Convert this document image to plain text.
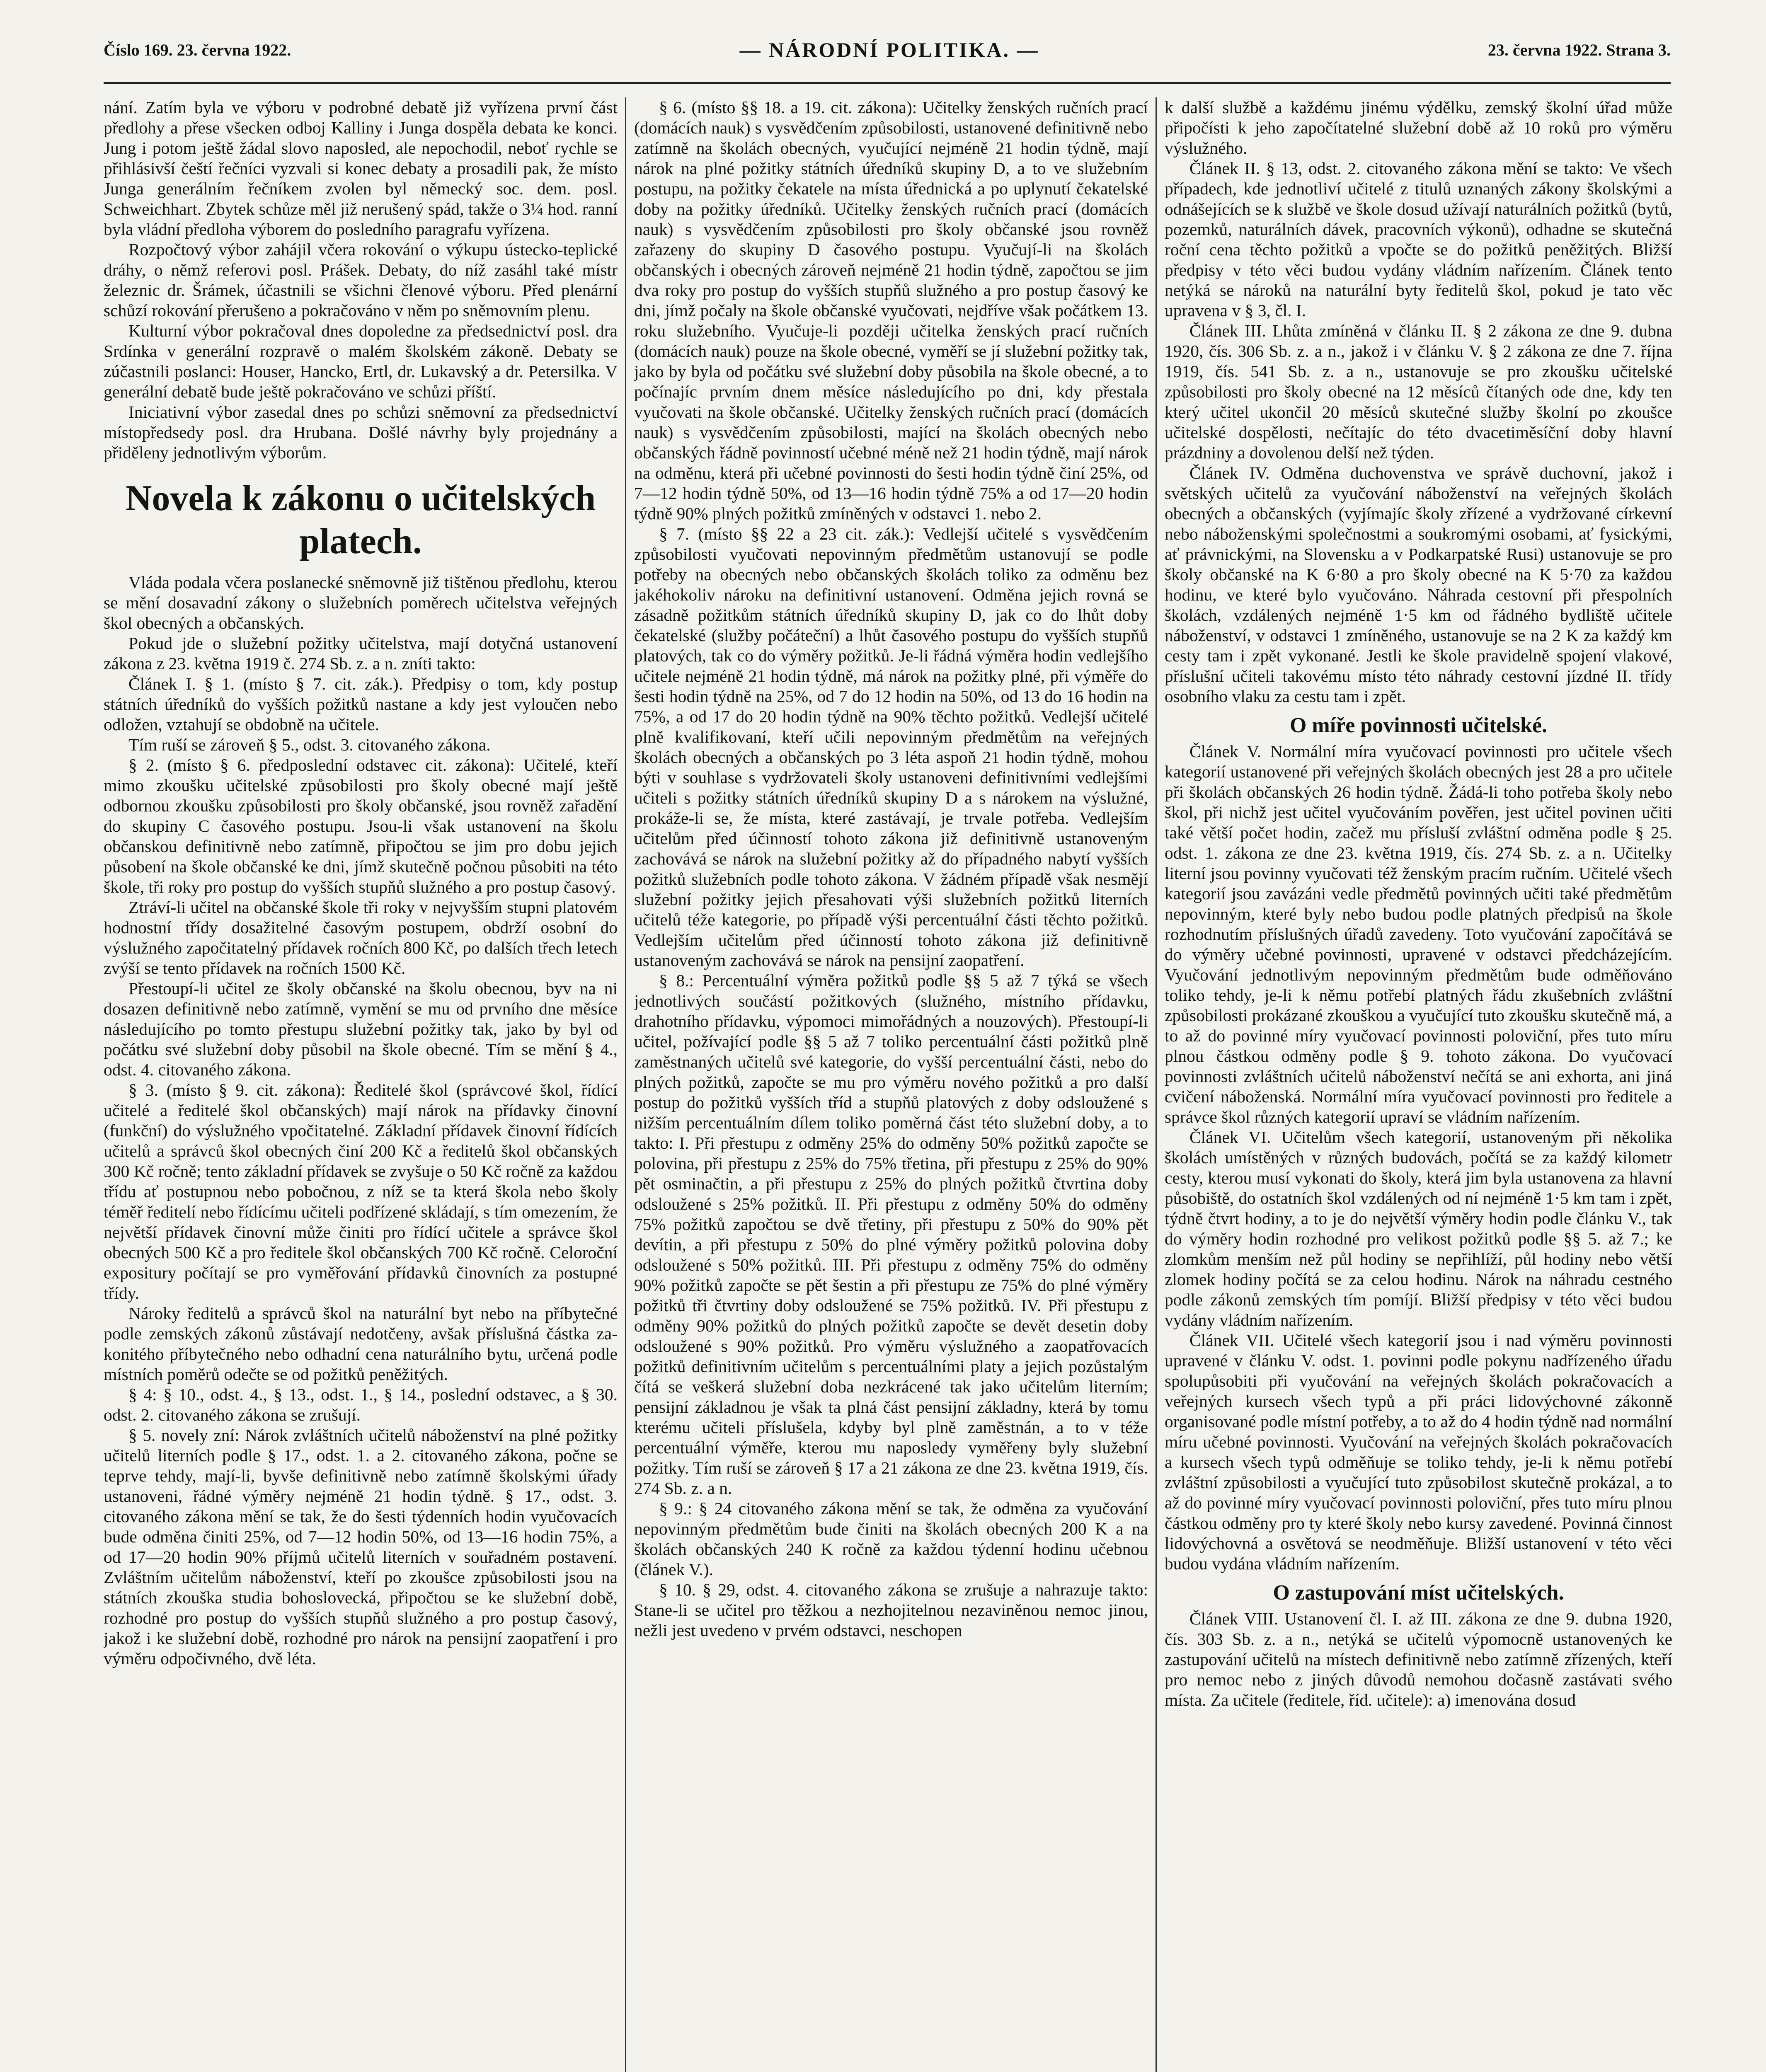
Číslo 169. 23. června 1922.	— NÁRODNÍ POLITIKA. —	23. června 1922. Strana 3.

nání. Zatím byla ve výboru v podrobné debatě již vyřízena první část předlohy a přese všecken odboj Kalliny i Junga dospěla debata ke konci. Jung i potom ještě žádal slovo naposled, ale nepochodil, neboť rychle se přihlásivší čeští řečníci vyzvali si konec debaty a prosadili pak, že místo Junga generálním řečníkem zvolen byl německý soc. dem. posl. Schweichhart. Zbytek schůze měl již nerušený spád, takže o 3¼ hod. ranní byla vládní předloha výborem do posledního paragrafu vyřízena.

Rozpočtový výbor zahájil včera rokování o výkupu ústecko-teplické dráhy, o němž referovi posl. Prášek. Debaty, do níž zasáhl také místr železnic dr. Šrámek, účastnili se všichni členové výboru. Před plenární schůzí rokování přerušeno a pokračováno v něm po sněmovním plenu.

Kulturní výbor pokračoval dnes dopoledne za předsednictví posl. dra Srdínka v generální rozpravě o malém školském zákoně. Debaty se zúčastnili poslanci: Houser, Hancko, Ertl, dr. Lukavský a dr. Petersilka. V generální debatě bude ještě pokračováno ve schůzi příští.

Iniciativní výbor zasedal dnes po schůzi sněmovní za předsednictví místopředsedy posl. dra Hrubana. Došlé návrhy byly projednány a přiděleny jednotlivým výborům.

Novela k zákonu o učitelských platech.

Vláda podala včera poslanecké sněmovně již tištěnou předlohu, kterou se mění dosavadní zákony o služebních poměrech učitelstva veřejných škol obecných a občanských.

Pokud jde o služební požitky učitelstva, mají dotyčná ustanovení zákona z 23. května 1919 č. 274 Sb. z. a n. zníti takto:

Článek I. § 1. (místo § 7. cit. zák.). Předpisy o tom, kdy postup státních úředníků do vyšších požitků nastane a kdy jest vyloučen nebo odložen, vztahují se obdobně na učitele.

Tím ruší se zároveň § 5., odst. 3. citovaného zákona.

§ 2. (místo § 6. předposlední odstavec cit. zákona): Učitelé, kteří mimo zkoušku učitelské způsobilosti pro školy obecné mají ještě odbornou zkoušku způsobilosti pro školy občanské, jsou rovněž zařadění do skupiny C časového postupu. Jsou-li však ustanovení na školu občanskou definitivně nebo zatímně, připočtou se jim pro dobu jejich působení na škole občanské ke dni, jímž skutečně počnou působiti na této škole, tři roky pro postup do vyšších stupňů služného a pro postup časový.

Ztráví-li učitel na občanské škole tři roky v nejvyšším stupni platovém hodnostní třídy dosažitelné časovým postupem, obdrží osobní do výslužného započitatelný přídavek ročních 800 Kč, po dalších třech letech zvýší se tento přídavek na ročních 1500 Kč.

Přestoupí-li učitel ze školy občanské na školu obecnou, byv na ni dosazen definitivně nebo zatímně, vymění se mu od prvního dne měsíce následujícího po tomto přestupu služební požitky tak, jako by byl od počátku své služební doby působil na škole obecné. Tím se mění § 4., odst. 4. citovaného zákona.

§ 3. (místo § 9. cit. zákona): Ředitelé škol (správcové škol, řídící učitelé a ředitelé škol občanských) mají nárok na přídavky činovní (funkční) do výslužného vpočitatelné. Základní přídavek činovní řídících učitelů a správců škol obecných činí 200 Kč a ředitelů škol občanských 300 Kč ročně; tento základní přídavek se zvyšuje o 50 Kč ročně za každou třídu ať postupnou nebo pobočnou, z níž se ta která škola nebo školy téměř ředitelí nebo řídícímu učiteli podřízené skládají, s tím omezením, že největší přídavek činovní může činiti pro řídící učitele a správce škol obecných 500 Kč a pro ředitele škol občanských 700 Kč ročně. Celoroční expositury počítají se pro vyměřování přídavků činovních za postupné třídy.

Nároky ředitelů a správců škol na naturální byt nebo na příbytečné podle zemských zákonů zůstávají nedotčeny, avšak příslušná částka za-konitého příbytečného nebo odhadní cena naturálního bytu, určená podle místních poměrů odečte se od požitků peněžitých.

§ 4: § 10., odst. 4., § 13., odst. 1., § 14., poslední odstavec, a § 30. odst. 2. citovaného zákona se zrušují.

§ 5. novely zní: Nárok zvláštních učitelů náboženství na plné požitky učitelů literních podle § 17., odst. 1. a 2. citovaného zákona, počne se teprve tehdy, mají-li, byvše definitivně nebo zatímně školskými úřady ustanoveni, řádné výměry nejméně 21 hodin týdně. § 17., odst. 3. citovaného zákona mění se tak, že do šesti týdenních hodin vyučovacích bude odměna činiti 25%, od 7—12 hodin 50%, od 13—16 hodin 75%, a od 17—20 hodin 90% příjmů učitelů literních v souřadném postavení. Zvláštním učitelům náboženství, kteří po zkoušce způsobilosti jsou na státních zkouška studia bohoslovecká, připočtou se ke služební době, rozhodné pro postup do vyšších stupňů služného a pro postup časový, jakož i ke služební době, rozhodné pro nárok na pensijní zaopatření i pro výměru odpočivného, dvě léta.

§ 6. (místo §§ 18. a 19. cit. zákona): Učitelky ženských ručních prací (domácích nauk) s vysvědčením způsobilosti, ustanovené definitivně nebo zatímně na školách obecných, vyučující nejméně 21 hodin týdně, mají nárok na plné požitky státních úředníků skupiny D, a to ve služebním postupu, na požitky čekatele na místa úřednická a po uplynutí čekatelské doby na požitky úředníků. Učitelky ženských ručních prací (domácích nauk) s vysvědčením způsobilosti pro školy občanské jsou rovněž zařazeny do skupiny D časového postupu. Vyučují-li na školách občanských i obecných zároveň nejméně 21 hodin týdně, započtou se jim dva roky pro postup do vyšších stupňů služného a pro postup časový ke dni, jímž počaly na škole občanské vyučovati, nejdříve však počátkem 13. roku služebního. Vyučuje-li později učitelka ženských prací ručních (domácích nauk) pouze na škole obecné, vyměří se jí služební požitky tak, jako by byla od počátku své služební doby působila na škole obecné, a to počínajíc prvním dnem měsíce následujícího po dni, kdy přestala vyučovati na škole občanské. Učitelky ženských ručních prací (domácích nauk) s vysvědčením způsobilosti, mající na školách obecných nebo občanských řádně povinností učebné méně než 21 hodin týdně, mají nárok na odměnu, která při učebné povinnosti do šesti hodin týdně činí 25%, od 7—12 hodin týdně 50%, od 13—16 hodin týdně 75% a od 17—20 hodin týdně 90% plných požitků zmíněných v odstavci 1. nebo 2.

§ 7. (místo §§ 22 a 23 cit. zák.): Vedlejší učitelé s vysvědčením způsobilosti vyučovati nepovinným předmětům ustanovují se podle potřeby na obecných nebo občanských školách toliko za odměnu bez jakéhokoliv nároku na definitivní ustanovení. Odměna jejich rovná se zásadně požitkům státních úředníků skupiny D, jak co do lhůt doby čekatelské (služby počáteční) a lhůt časového postupu do vyšších stupňů platových, tak co do výměry požitků. Je-li řádná výměra hodin vedlejšího učitele nejméně 21 hodin týdně, má nárok na požitky plné, při výměře do šesti hodin týdně na 25%, od 7 do 12 hodin na 50%, od 13 do 16 hodin na 75%, a od 17 do 20 hodin týdně na 90% těchto požitků. Vedlejší učitelé plně kvalifikovaní, kteří učili nepovinným předmětům na veřejných školách obecných a občanských po 3 léta aspoň 21 hodin týdně, mohou býti v souhlase s vydržovateli školy ustanoveni definitivními vedlejšími učiteli s požitky státních úředníků skupiny D a s nárokem na výslužné, prokáže-li se, že místa, které zastávají, je trvale potřeba. Vedlejším učitelům před účinností tohoto zákona již definitivně ustanoveným zachovává se nárok na služební požitky až do případného nabytí vyšších požitků služebních podle tohoto zákona. V žádném případě však nesmějí služební požitky jejich přesahovati výši služebních požitků literních učitelů téže kategorie, po případě výši percentuální části těchto požitků. Vedlejším učitelům před účinností tohoto zákona již definitivně ustanoveným zachovává se nárok na pensijní zaopatření.

§ 8.: Percentuální výměra požitků podle §§ 5 až 7 týká se všech jednotlivých součástí požitkových (služného, místního přídavku, drahotního přídavku, výpomoci mimořádných a nouzových). Přestoupí-li učitel, požívající podle §§ 5 až 7 toliko percentuální části požitků plně zaměstnaných učitelů své kategorie, do vyšší percentuální části, nebo do plných požitků, započte se mu pro výměru nového požitků a pro další postup do požitků vyšších tříd a stupňů platových z doby odsloužené s nižším percentuálním dílem toliko poměrná část této služební doby, a to takto: I. Při přestupu z odměny 25% do odměny 50% požitků započte se polovina, při přestupu z 25% do 75% třetina, při přestupu z 25% do 90% pět osminačtin, a při přestupu z 25% do plných požitků čtvrtina doby odsloužené s 25% požitků. II. Při přestupu z odměny 50% do odměny 75% požitků započtou se dvě třetiny, při přestupu z 50% do 90% pět devítin, a při přestupu z 50% do plné výměry požitků polovina doby odsloužené s 50% požitků. III. Při přestupu z odměny 75% do odměny 90% požitků započte se pět šestin a při přestupu ze 75% do plné výměry požitků tři čtvrtiny doby odsloužené se 75% požitků. IV. Při přestupu z odměny 90% požitků do plných požitků započte se devět desetin doby odsloužené s 90% požitků. Pro výměru výslužného a zaopatřovacích požitků definitivním učitelům s percentuálními platy a jejich pozůstalým čítá se veškerá služební doba nezkrácené tak jako učitelům literním; pensijní základnou je však ta plná část pensijní základny, která by tomu kterému učiteli příslušela, kdyby byl plně zaměstnán, a to v téže percentuální výměře, kterou mu naposledy vyměřeny byly služební požitky. Tím ruší se zároveň § 17 a 21 zákona ze dne 23. května 1919, čís. 274 Sb. z. a n.

§ 9.: § 24 citovaného zákona mění se tak, že odměna za vyučování nepovinným předmětům bude činiti na školách obecných 200 K a na školách občanských 240 K ročně za každou týdenní hodinu učebnou (článek V.).

§ 10. § 29, odst. 4. citovaného zákona se zrušuje a nahrazuje takto: Stane-li se učitel pro těžkou a nezhojitelnou nezaviněnou nemoc jinou, nežli jest uvedeno v prvém odstavci, neschopen

k další službě a každému jinému výdělku, zemský školní úřad může připočísti k jeho započítatelné služební době až 10 roků pro výměru výslužného.

Článek II. § 13, odst. 2. citovaného zákona mění se takto: Ve všech případech, kde jednotliví učitelé z titulů uznaných zákony školskými a odnášejících se k službě ve škole dosud užívají naturálních požitků (bytů, pozemků, naturálních dávek, pracovních výkonů), odhadne se skutečná roční cena těchto požitků a vpočte se do požitků peněžitých. Bližší předpisy v této věci budou vydány vládním nařízením. Článek tento netýká se nároků na naturální byty ředitelů škol, pokud je tato věc upravena v § 3, čl. I.

Článek III. Lhůta zmíněná v článku II. § 2 zákona ze dne 9. dubna 1920, čís. 306 Sb. z. a n., jakož i v článku V. § 2 zákona ze dne 7. října 1919, čís. 541 Sb. z. a n., ustanovuje se pro zkoušku učitelské způsobilosti pro školy obecné na 12 měsíců čítaných ode dne, kdy ten který učitel ukončil 20 měsíců skutečné služby školní po zkoušce učitelské dospělosti, nečítajíc do této dvacetiměsíční doby hlavní prázdniny a dovolenou delší než týden.

Článek IV. Odměna duchovenstva ve správě duchovní, jakož i světských učitelů za vyučování náboženství na veřejných školách obecných a občanských (vyjímajíc školy zřízené a vydržované církevní nebo náboženskými společnostmi a soukromými osobami, ať fysickými, ať právnickými, na Slovensku a v Podkarpatské Rusi) ustanovuje se pro školy občanské na K 6·80 a pro školy obecné na K 5·70 za každou hodinu, ve které bylo vyučováno. Náhrada cestovní při přespolních školách, vzdálených nejméně 1·5 km od řádného bydliště učitele náboženství, v odstavci 1 zmíněného, ustanovuje se na 2 K za každý km cesty tam i zpět vykonané. Jestli ke škole pravidelně spojení vlakové, příslušní učiteli takovému místo této náhrady cestovní jízdné II. třídy osobního vlaku za cestu tam i zpět.

O míře povinnosti učitelské.

Článek V. Normální míra vyučovací povinnosti pro učitele všech kategorií ustanovené při veřejných školách obecných jest 28 a pro učitele při školách občanských 26 hodin týdně. Žádá-li toho potřeba školy nebo škol, při nichž jest učitel vyučováním pověřen, jest učitel povinen učiti také větší počet hodin, začež mu přísluší zvláštní odměna podle § 25. odst. 1. zákona ze dne 23. května 1919, čís. 274 Sb. z. a n. Učitelky literní jsou povinny vyučovati též ženským pracím ručním. Učitelé všech kategorií jsou zavázáni vedle předmětů povinných učiti také předmětům nepovinným, které byly nebo budou podle platných předpisů na škole rozhodnutím příslušných úřadů zavedeny. Toto vyučování započítává se do výměry učebné povinnosti, upravené v odstavci předcházejícím. Vyučování jednotlivým nepovinným předmětům bude odměňováno toliko tehdy, je-li k němu potřebí platných řádu zkušebních zvláštní způsobilosti prokázané zkouškou a vyučující tuto zkoušku skutečně má, a to až do povinné míry vyučovací povinnosti poloviční, přes tuto míru plnou částkou odměny podle § 9. tohoto zákona. Do vyučovací povinnosti zvláštních učitelů náboženství nečítá se ani exhorta, ani jiná cvičení náboženská. Normální míra vyučovací povinnosti pro ředitele a správce škol různých kategorií upraví se vládním nařízením.

Článek VI. Učitelům všech kategorií, ustanoveným při několika školách umístěných v různých budovách, počítá se za každý kilometr cesty, kterou musí vykonati do školy, která jim byla ustanovena za hlavní působiště, do ostatních škol vzdálených od ní nejméně 1·5 km tam i zpět, týdně čtvrt hodiny, a to je do největší výměry hodin podle článku V., tak do výměry hodin rozhodné pro velikost požitků podle §§ 5. až 7.; ke zlomkům menším než půl hodiny se nepřihlíží, půl hodiny nebo větší zlomek hodiny počítá se za celou hodinu. Nárok na náhradu cestného podle zákonů zemských tím pomíjí. Bližší předpisy v této věci budou vydány vládním nařízením.

Článek VII. Učitelé všech kategorií jsou i nad výměru povinnosti upravené v článku V. odst. 1. povinni podle pokynu nadřízeného úřadu spolupůsobiti při vyučování na veřejných školách pokračovacích a veřejných kursech všech typů a při práci lidovýchovné zákonně organisované podle místní potřeby, a to až do 4 hodin týdně nad normální míru učebné povinnosti. Vyučování na veřejných školách pokračovacích a kursech všech typů odměňuje se toliko tehdy, je-li k němu potřebí zvláštní způsobilosti a vyučující tuto způsobilost skutečně prokázal, a to až do povinné míry vyučovací povinnosti poloviční, přes tuto míru plnou částkou odměny pro ty které školy nebo kursy zavedené. Povinná činnost lidovýchovná a osvětová se neodměňuje. Bližší ustanovení v této věci budou vydána vládním nařízením.

O zastupování míst učitelských.

Článek VIII. Ustanovení čl. I. až III. zákona ze dne 9. dubna 1920, čís. 303 Sb. z. a n., netýká se učitelů výpomocně ustanovených ke zastupování učitelů na místech definitivně nebo zatímně zřízených, kteří pro nemoc nebo z jiných důvodů nemohou dočasně zastávati svého místa. Za učitele (ředitele, říd. učitele): a) imenována dosud
